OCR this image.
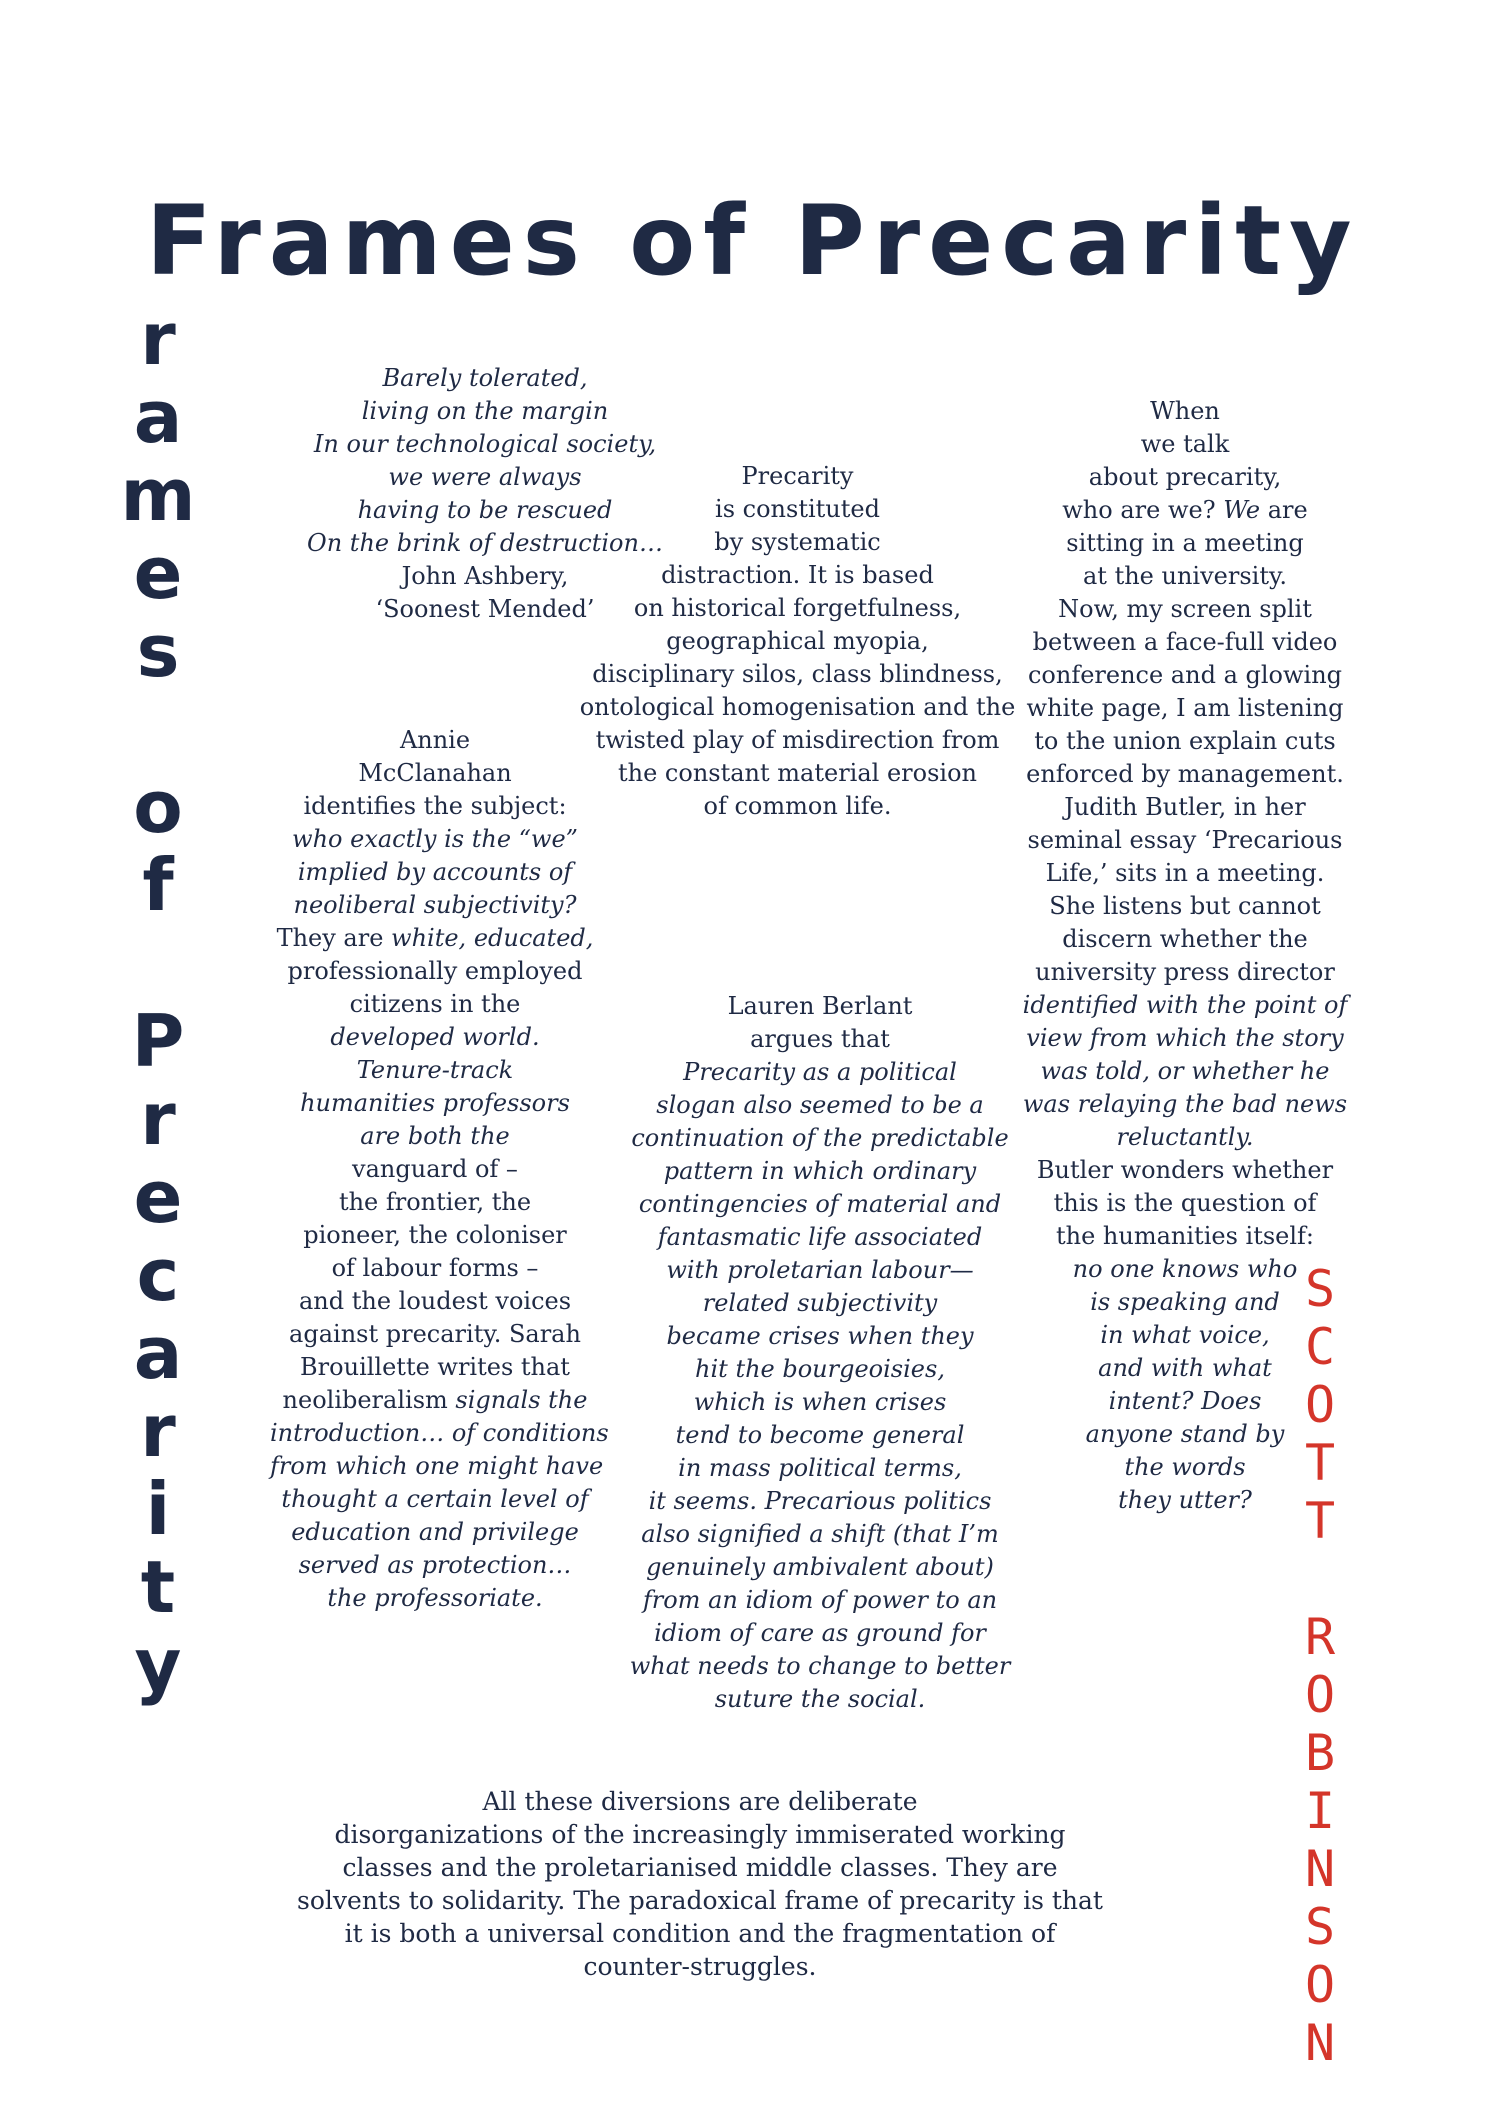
Frames of Precarity
r
a
m
e
s
o
f
P
r
e
c
a
r
i
t
y
S
C
O
T
T
R
O
B
I
N
S
O
N
Barely tolerated,
living on the margin
In our technological society,
we were always
having to be rescued
On the brink of destruction…
John Ashbery,
‘Soonest Mended’
Annie
McClanahan
identifies the subject:
who exactly is the “we”
implied by accounts of
neoliberal subjectivity?
They are white, educated,
professionally employed
citizens in the
developed world.
Tenure-track
humanities professors
are both the
vanguard of –
the frontier, the
pioneer, the coloniser
of labour forms –
and the loudest voices
against precarity. Sarah
Brouillette writes that
neoliberalism signals the
introduction… of conditions
from which one might have
thought a certain level of
education and privilege
served as protection…
the professoriate.
Precarity
is constituted
by systematic
distraction. It is based
on historical forgetfulness,
geographical myopia,
disciplinary silos, class blindness,
ontological homogenisation and the
twisted play of misdirection from
the constant material erosion
of common life.
Lauren Berlant
argues that
Precarity as a political
slogan also seemed to be a
continuation of the predictable
pattern in which ordinary
contingencies of material and
fantasmatic life associated
with proletarian labour—
related subjectivity
became crises when they
hit the bourgeoisies,
which is when crises
tend to become general
in mass political terms,
it seems. Precarious politics
also signified a shift (that I’m
genuinely ambivalent about)
from an idiom of power to an
idiom of care as ground for
what needs to change to better
suture the social.
When
we talk
about precarity,
who are we? We are
sitting in a meeting
at the university.
Now, my screen split
between a face-full video
conference and a glowing
white page, I am listening
to the union explain cuts
enforced by management.
Judith Butler, in her
seminal essay ‘Precarious
Life,’ sits in a meeting.
She listens but cannot
discern whether the
university press director
identified with the point of
view from which the story
was told, or whether he
was relaying the bad news
reluctantly.
Butler wonders whether
this is the question of
the humanities itself:
no one knows who
is speaking and
in what voice,
and with what
intent? Does
anyone stand by
the words
they utter?
All these diversions are deliberate
disorganizations of the increasingly immiserated working
classes and the proletarianised middle classes. They are
solvents to solidarity. The paradoxical frame of precarity is that
it is both a universal condition and the fragmentation of
counter-struggles.
